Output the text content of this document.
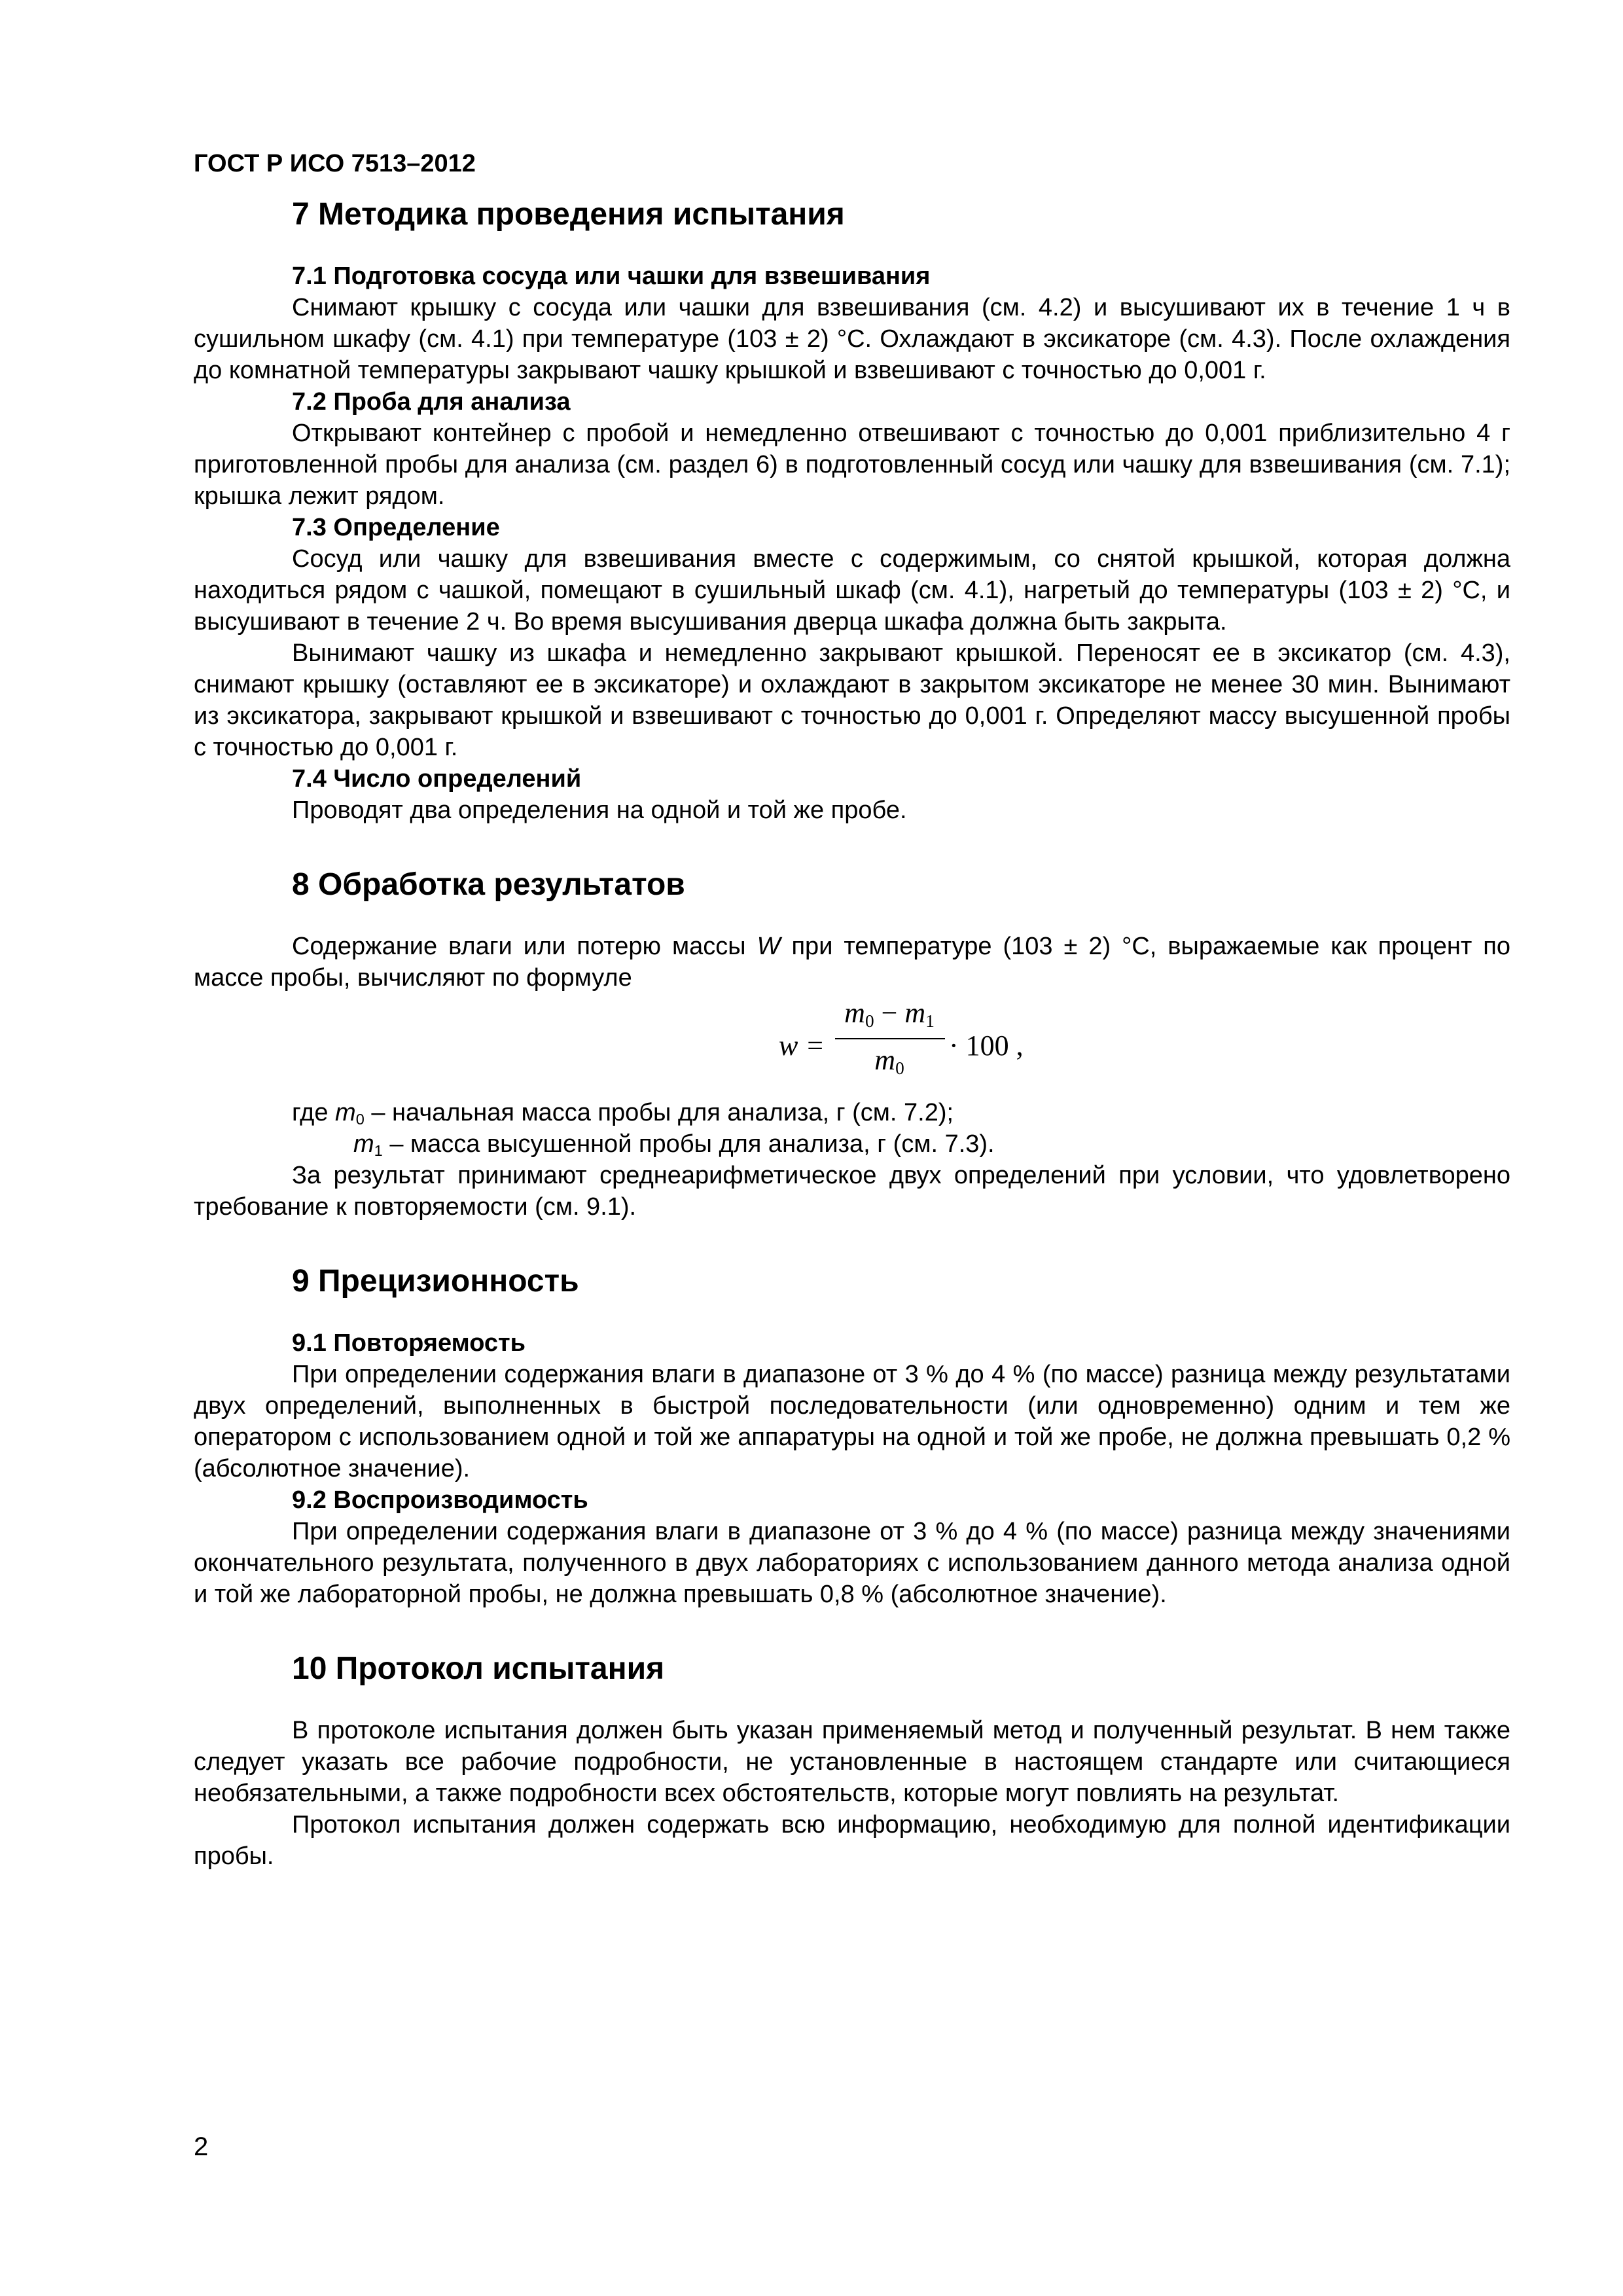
ГОСТ Р ИСО 7513–2012
7 Методика проведения испытания
7.1 Подготовка сосуда или чашки для взвешивания

Снимают крышку с сосуда или чашки для взвешивания (см. 4.2) и высушивают их в течение 1 ч в сушильном шкафу (см. 4.1) при температуре (103 ± 2) °С. Охлаждают в эксикаторе (см. 4.3). После охлаждения до комнатной температуры закрывают чашку крышкой и взвешивают с точностью до 0,001 г.

7.2 Проба для анализа

Открывают контейнер с пробой и немедленно отвешивают с точностью до 0,001 приблизительно 4 г приготовленной пробы для анализа (см. раздел 6) в подготовленный сосуд или чашку для взвешивания (см. 7.1); крышка лежит рядом.

7.3 Определение

Сосуд или чашку для взвешивания вместе с содержимым, со снятой крышкой, которая должна находиться рядом с чашкой, помещают в сушильный шкаф (см. 4.1), нагретый до температуры (103 ± 2) °С, и высушивают в течение 2 ч. Во время высушивания дверца шкафа должна быть закрыта.

Вынимают чашку из шкафа и немедленно закрывают крышкой. Переносят ее в эксикатор (см. 4.3), снимают крышку (оставляют ее в эксикаторе) и охлаждают в закрытом эксикаторе не менее 30 мин. Вынимают из эксикатора, закрывают крышкой и взвешивают с точностью до 0,001 г. Определяют массу высушенной пробы с точностью до 0,001 г.

7.4 Число определений

Проводят два определения на одной и той же пробе.

8 Обработка результатов

Содержание влаги или потерю массы W при температуре (103 ± 2) °С, выражаемые как процент по массе пробы, вычисляют по формуле

w =
$m_0 - m_1$
$m_0$
· 100 ,
где $m_0$ – начальная масса пробы для анализа, г (см. 7.2);
$m_1$ – масса высушенной пробы для анализа, г (см. 7.3).

За результат принимают среднеарифметическое двух определений при условии, что удовлетворено требование к повторяемости (см. 9.1).

9 Прецизионность
9.1 Повторяемость

При определении содержания влаги в диапазоне от 3 % до 4 % (по массе) разница между результатами двух определений, выполненных в быстрой последовательности (или одновременно) одним и тем же оператором с использованием одной и той же аппаратуры на одной и той же пробе, не должна превышать 0,2 % (абсолютное значение).

9.2 Воспроизводимость

При определении содержания влаги в диапазоне от 3 % до 4 % (по массе) разница между значениями окончательного результата, полученного в двух лабораториях с использованием данного метода анализа одной и той же лабораторной пробы, не должна превышать 0,8 % (абсолютное значение).

10 Протокол испытания

В протоколе испытания должен быть указан применяемый метод и полученный результат. В нем также следует указать все рабочие подробности, не установленные в настоящем стандарте или считающиеся необязательными, а также подробности всех обстоятельств, которые могут повлиять на результат.

Протокол испытания должен содержать всю информацию, необходимую для полной идентификации пробы.

2
